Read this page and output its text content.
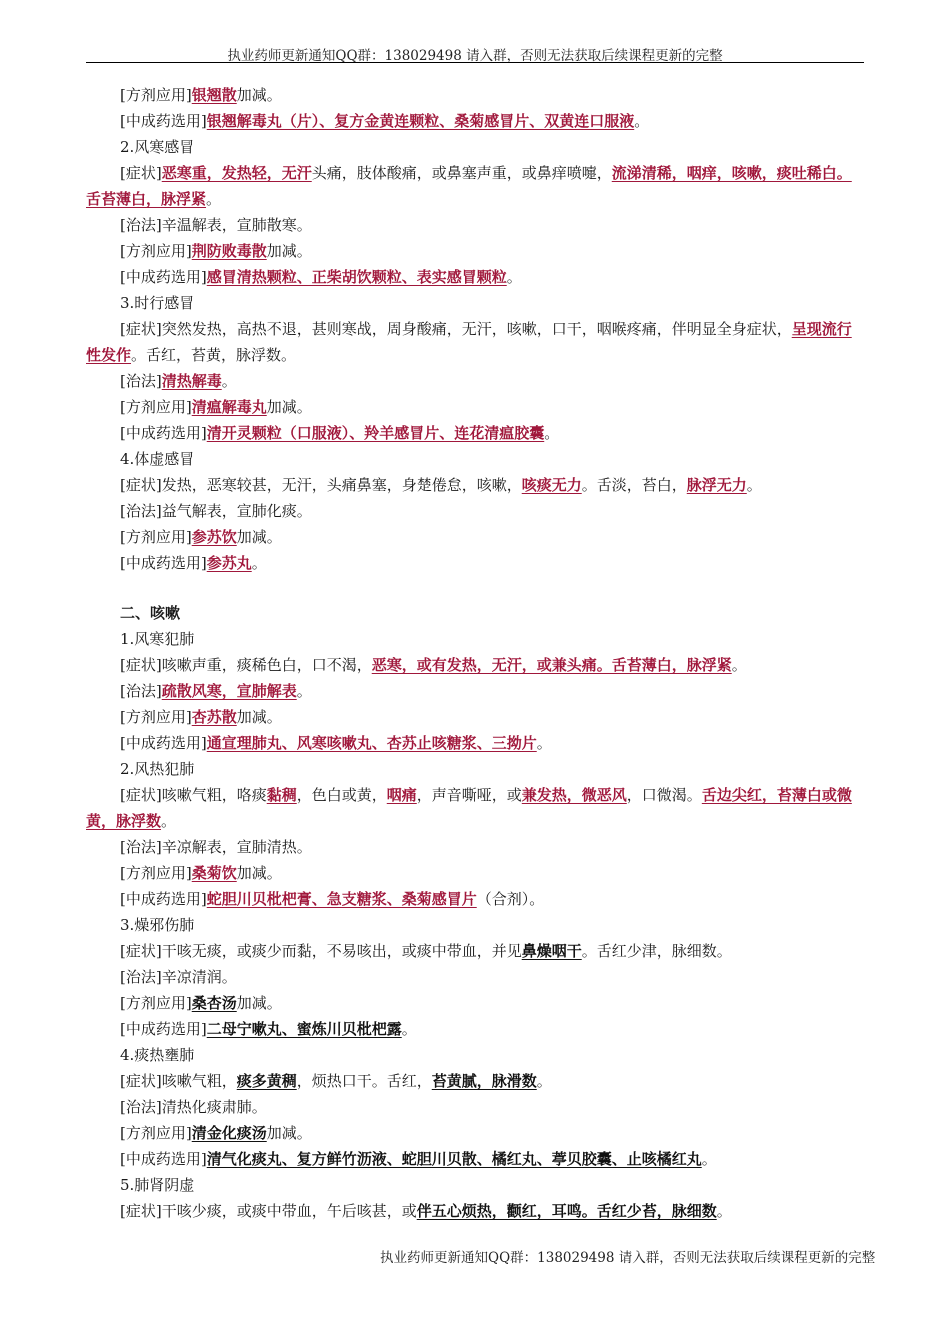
执业药师更新通知QQ群：138029498 请入群，否则无法获取后续课程更新的完整

[方剂应用]银翘散加减。

[中成药选用]银翘解毒丸（片）、复方金黄连颗粒、桑菊感冒片、双黄连口服液。

2.风寒感冒

[症状]恶寒重，发热轻，无汗头痛，肢体酸痛，或鼻塞声重，或鼻痒喷嚏，流涕清稀，咽痒，咳嗽，痰吐稀白。舌苔薄白，脉浮紧。

[治法]辛温解表，宣肺散寒。

[方剂应用]荆防败毒散加减。

[中成药选用]感冒清热颗粒、正柴胡饮颗粒、表实感冒颗粒。

3.时行感冒

[症状]突然发热，高热不退，甚则寒战，周身酸痛，无汗，咳嗽，口干，咽喉疼痛，伴明显全身症状，呈现流行性发作。舌红，苔黄，脉浮数。

[治法]清热解毒。

[方剂应用]清瘟解毒丸加减。

[中成药选用]清开灵颗粒（口服液）、羚羊感冒片、连花清瘟胶囊。

4.体虚感冒

[症状]发热，恶寒较甚，无汗，头痛鼻塞，身楚倦怠，咳嗽，咳痰无力。舌淡，苔白，脉浮无力。

[治法]益气解表，宣肺化痰。

[方剂应用]参苏饮加减。

[中成药选用]参苏丸。

二、咳嗽

1.风寒犯肺

[症状]咳嗽声重，痰稀色白，口不渴，恶寒，或有发热，无汗，或兼头痛。舌苔薄白，脉浮紧。

[治法]疏散风寒，宣肺解表。

[方剂应用]杏苏散加减。

[中成药选用]通宣理肺丸、风寒咳嗽丸、杏苏止咳糖浆、三拗片。

2.风热犯肺

[症状]咳嗽气粗，咯痰黏稠，色白或黄，咽痛，声音嘶哑，或兼发热，微恶风，口微渴。舌边尖红，苔薄白或微黄，脉浮数。

[治法]辛凉解表，宣肺清热。

[方剂应用]桑菊饮加减。

[中成药选用]蛇胆川贝枇杷膏、急支糖浆、桑菊感冒片（合剂）。

3.燥邪伤肺

[症状]干咳无痰，或痰少而黏，不易咳出，或痰中带血，并见鼻燥咽干。舌红少津，脉细数。

[治法]辛凉清润。

[方剂应用]桑杏汤加减。

[中成药选用]二母宁嗽丸、蜜炼川贝枇杷露。

4.痰热壅肺

[症状]咳嗽气粗，痰多黄稠，烦热口干。舌红，苔黄腻，脉滑数。

[治法]清热化痰肃肺。

[方剂应用]清金化痰汤加减。

[中成药选用]清气化痰丸、复方鲜竹沥液、蛇胆川贝散、橘红丸、葶贝胶囊、止咳橘红丸。

5.肺肾阴虚

[症状]干咳少痰，或痰中带血，午后咳甚，或伴五心烦热，颧红，耳鸣。舌红少苔，脉细数。

执业药师更新通知QQ群：138029498 请入群，否则无法获取后续课程更新的完整
